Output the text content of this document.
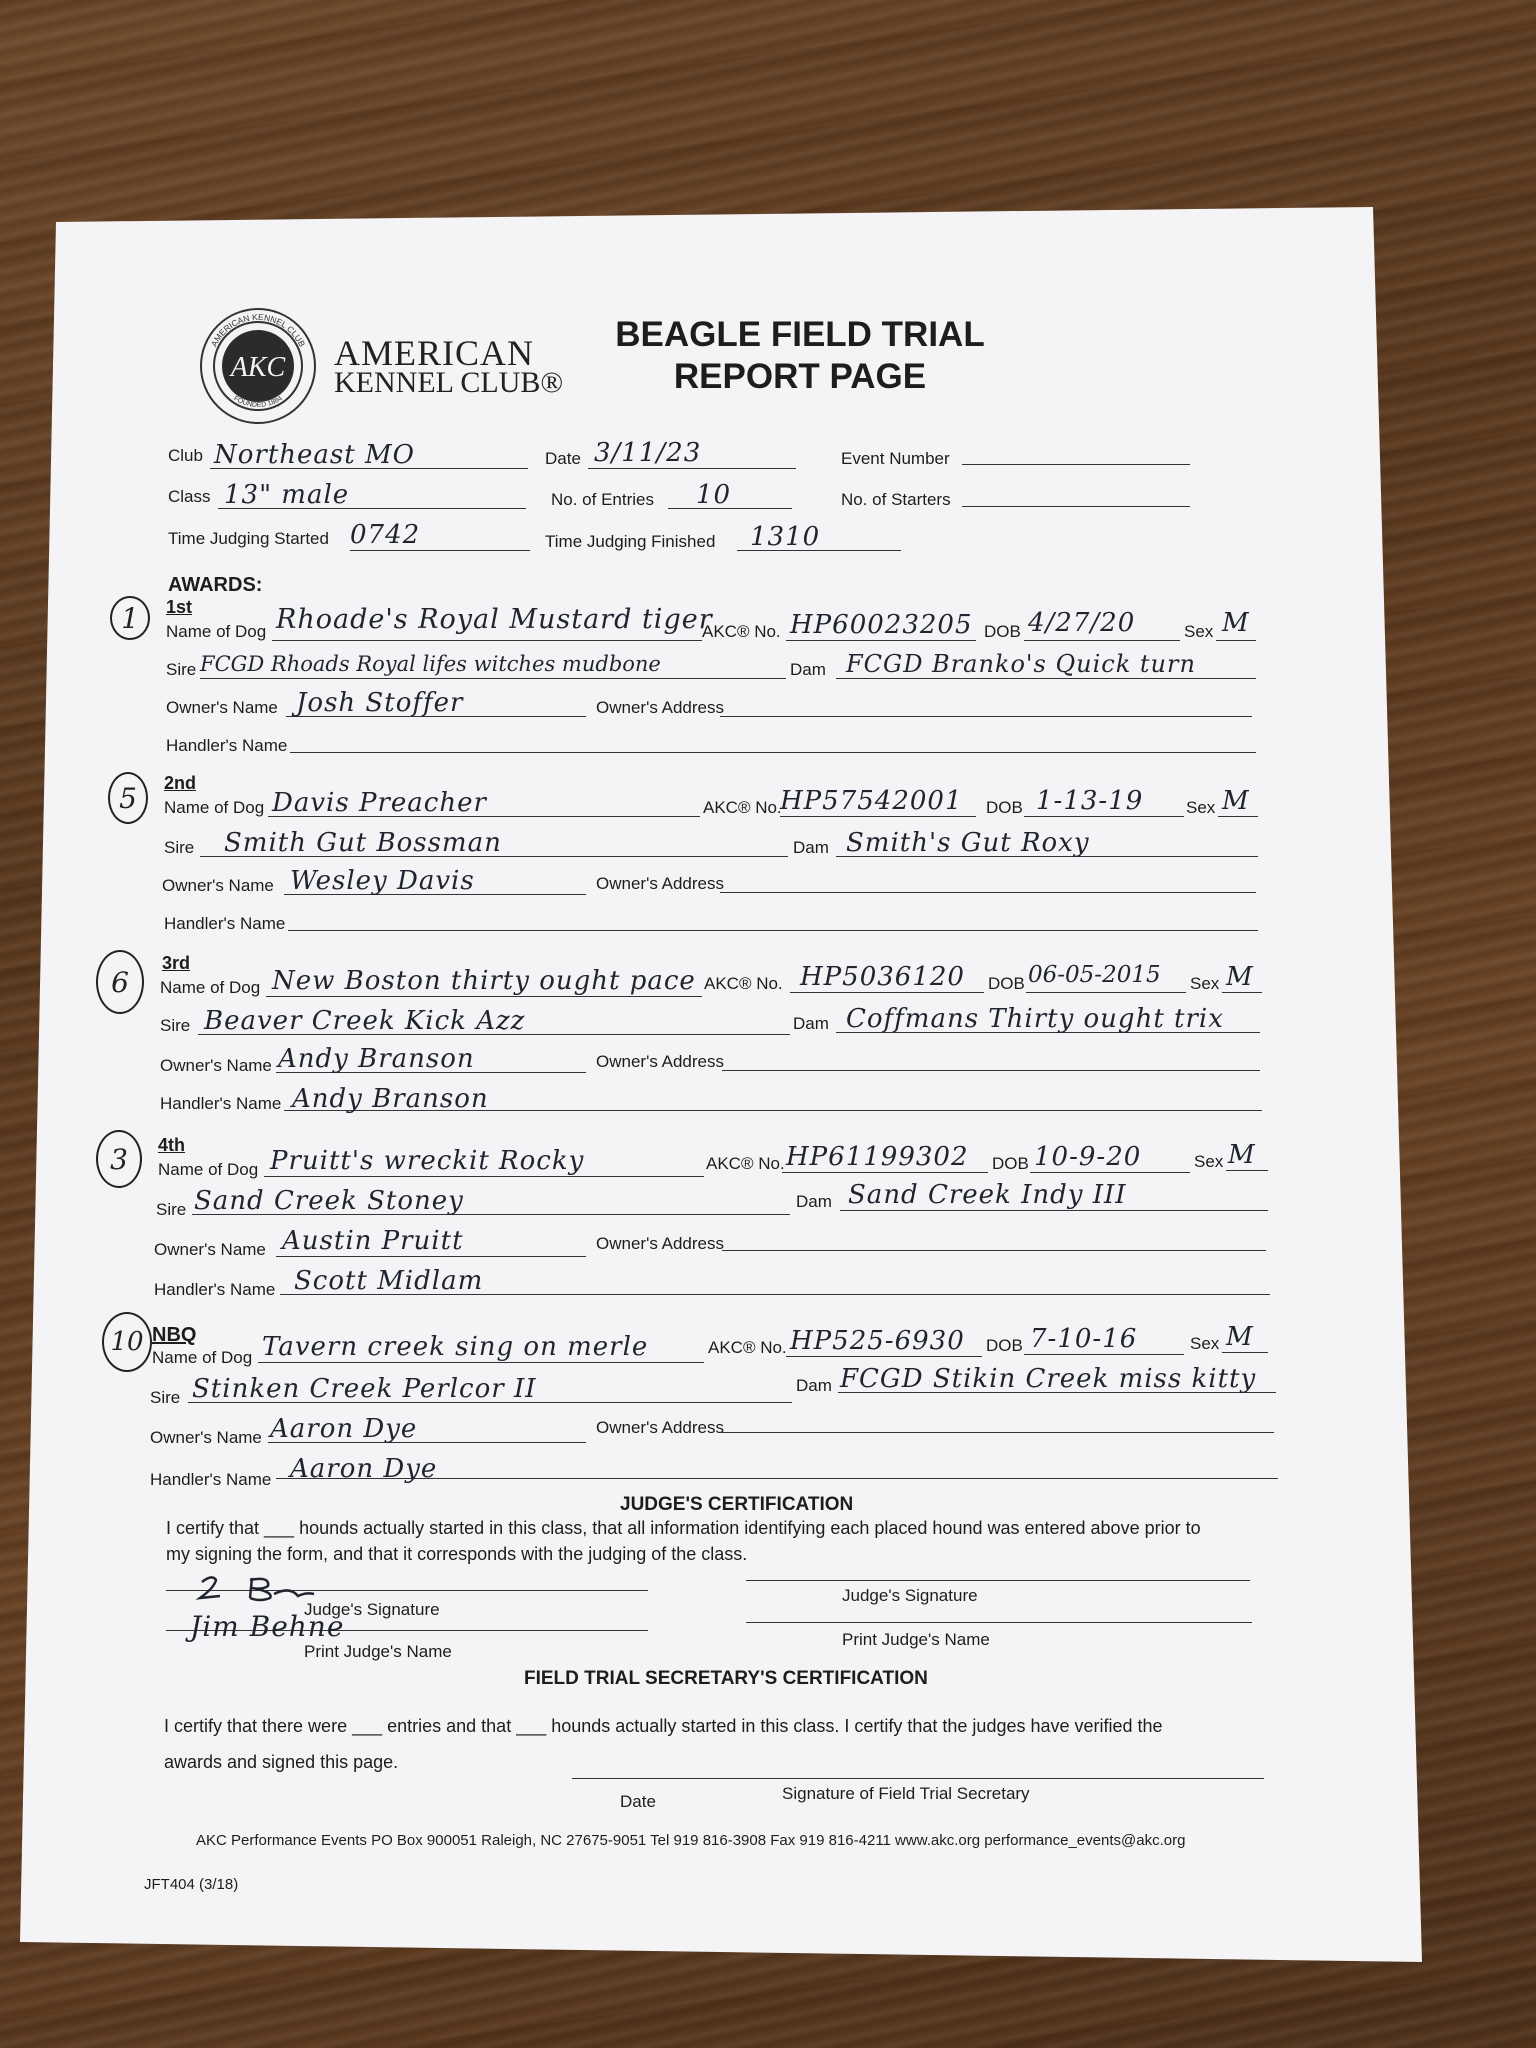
AKC
AMERICAN KENNEL CLUB
FOUNDED 1884
AMERICAN
KENNEL CLUB®
BEAGLE FIELD TRIAL
REPORT PAGE
Club Northeast MO	Date 3/11/23	Event Number
Class 13" male	No. of Entries 10	No. of Starters
Time Judging Started 0742	Time Judging Finished 1310
AWARDS:
1	1st
Name of Dog Rhoade's Royal Mustard tiger
AKC® No. HP60023205 DOB 4/27/20	Sex M
Sire FCGD Rhoads Royal lifes witches mudbone	Dam FCGD Branko's Quick turn
Owner's Name Josh Stoffer	Owner's Address
Handler's Name
5	2nd
Name of Dog Davis Preacher	AKC® No.
HP57542001 DOB 1-13-19	Sex M
Sire Smith Gut Bossman	Dam Smith's Gut Roxy
Owner's Name Wesley Davis	Owner's Address
Handler's Name
6
3rd
Name of Dog New Boston thirty ought pace AKC® No. HP5036120 DOB 06-05-2015 Sex M
Sire Beaver Creek Kick Azz	Dam Coffmans Thirty ought trix
Owner's Name Andy Branson	Owner's Address
Handler's Name Andy Branson
3	4th
Name of Dog Pruitt's wreckit Rocky	AKC® No. HP61199302 DOB 10-9-20	Sex M
Sire Sand Creek Stoney	Dam Sand Creek Indy III
Owner's Name Austin Pruitt	Owner's Address
Handler's Name Scott Midlam
10 NBQ
Name of Dog Tavern creek sing on merle	AKC® No. HP525-6930 DOB 7-10-16	Sex M
Sire Stinken Creek Perlcor II	Dam FCGD Stikin Creek miss kitty
Owner's Name Aaron Dye	Owner's Address
Handler's Name Aaron Dye
JUDGE'S CERTIFICATION
I certify that ___ hounds actually started in this class, that all information identifying each placed hound was entered above prior to
my signing the form, and that it corresponds with the judging of the class.
Judge's Signature
Jim Behne
Print Judge's Name
Judge's Signature
Print Judge's Name
FIELD TRIAL SECRETARY'S CERTIFICATION
I certify that there were ___ entries and that ___ hounds actually started in this class. I certify that the judges have verified the
awards and signed this page.
Date	Signature of Field Trial Secretary
AKC Performance Events PO Box 900051 Raleigh, NC 27675-9051 Tel 919 816-3908 Fax 919 816-4211 www.akc.org performance_events@akc.org
JFT404 (3/18)
